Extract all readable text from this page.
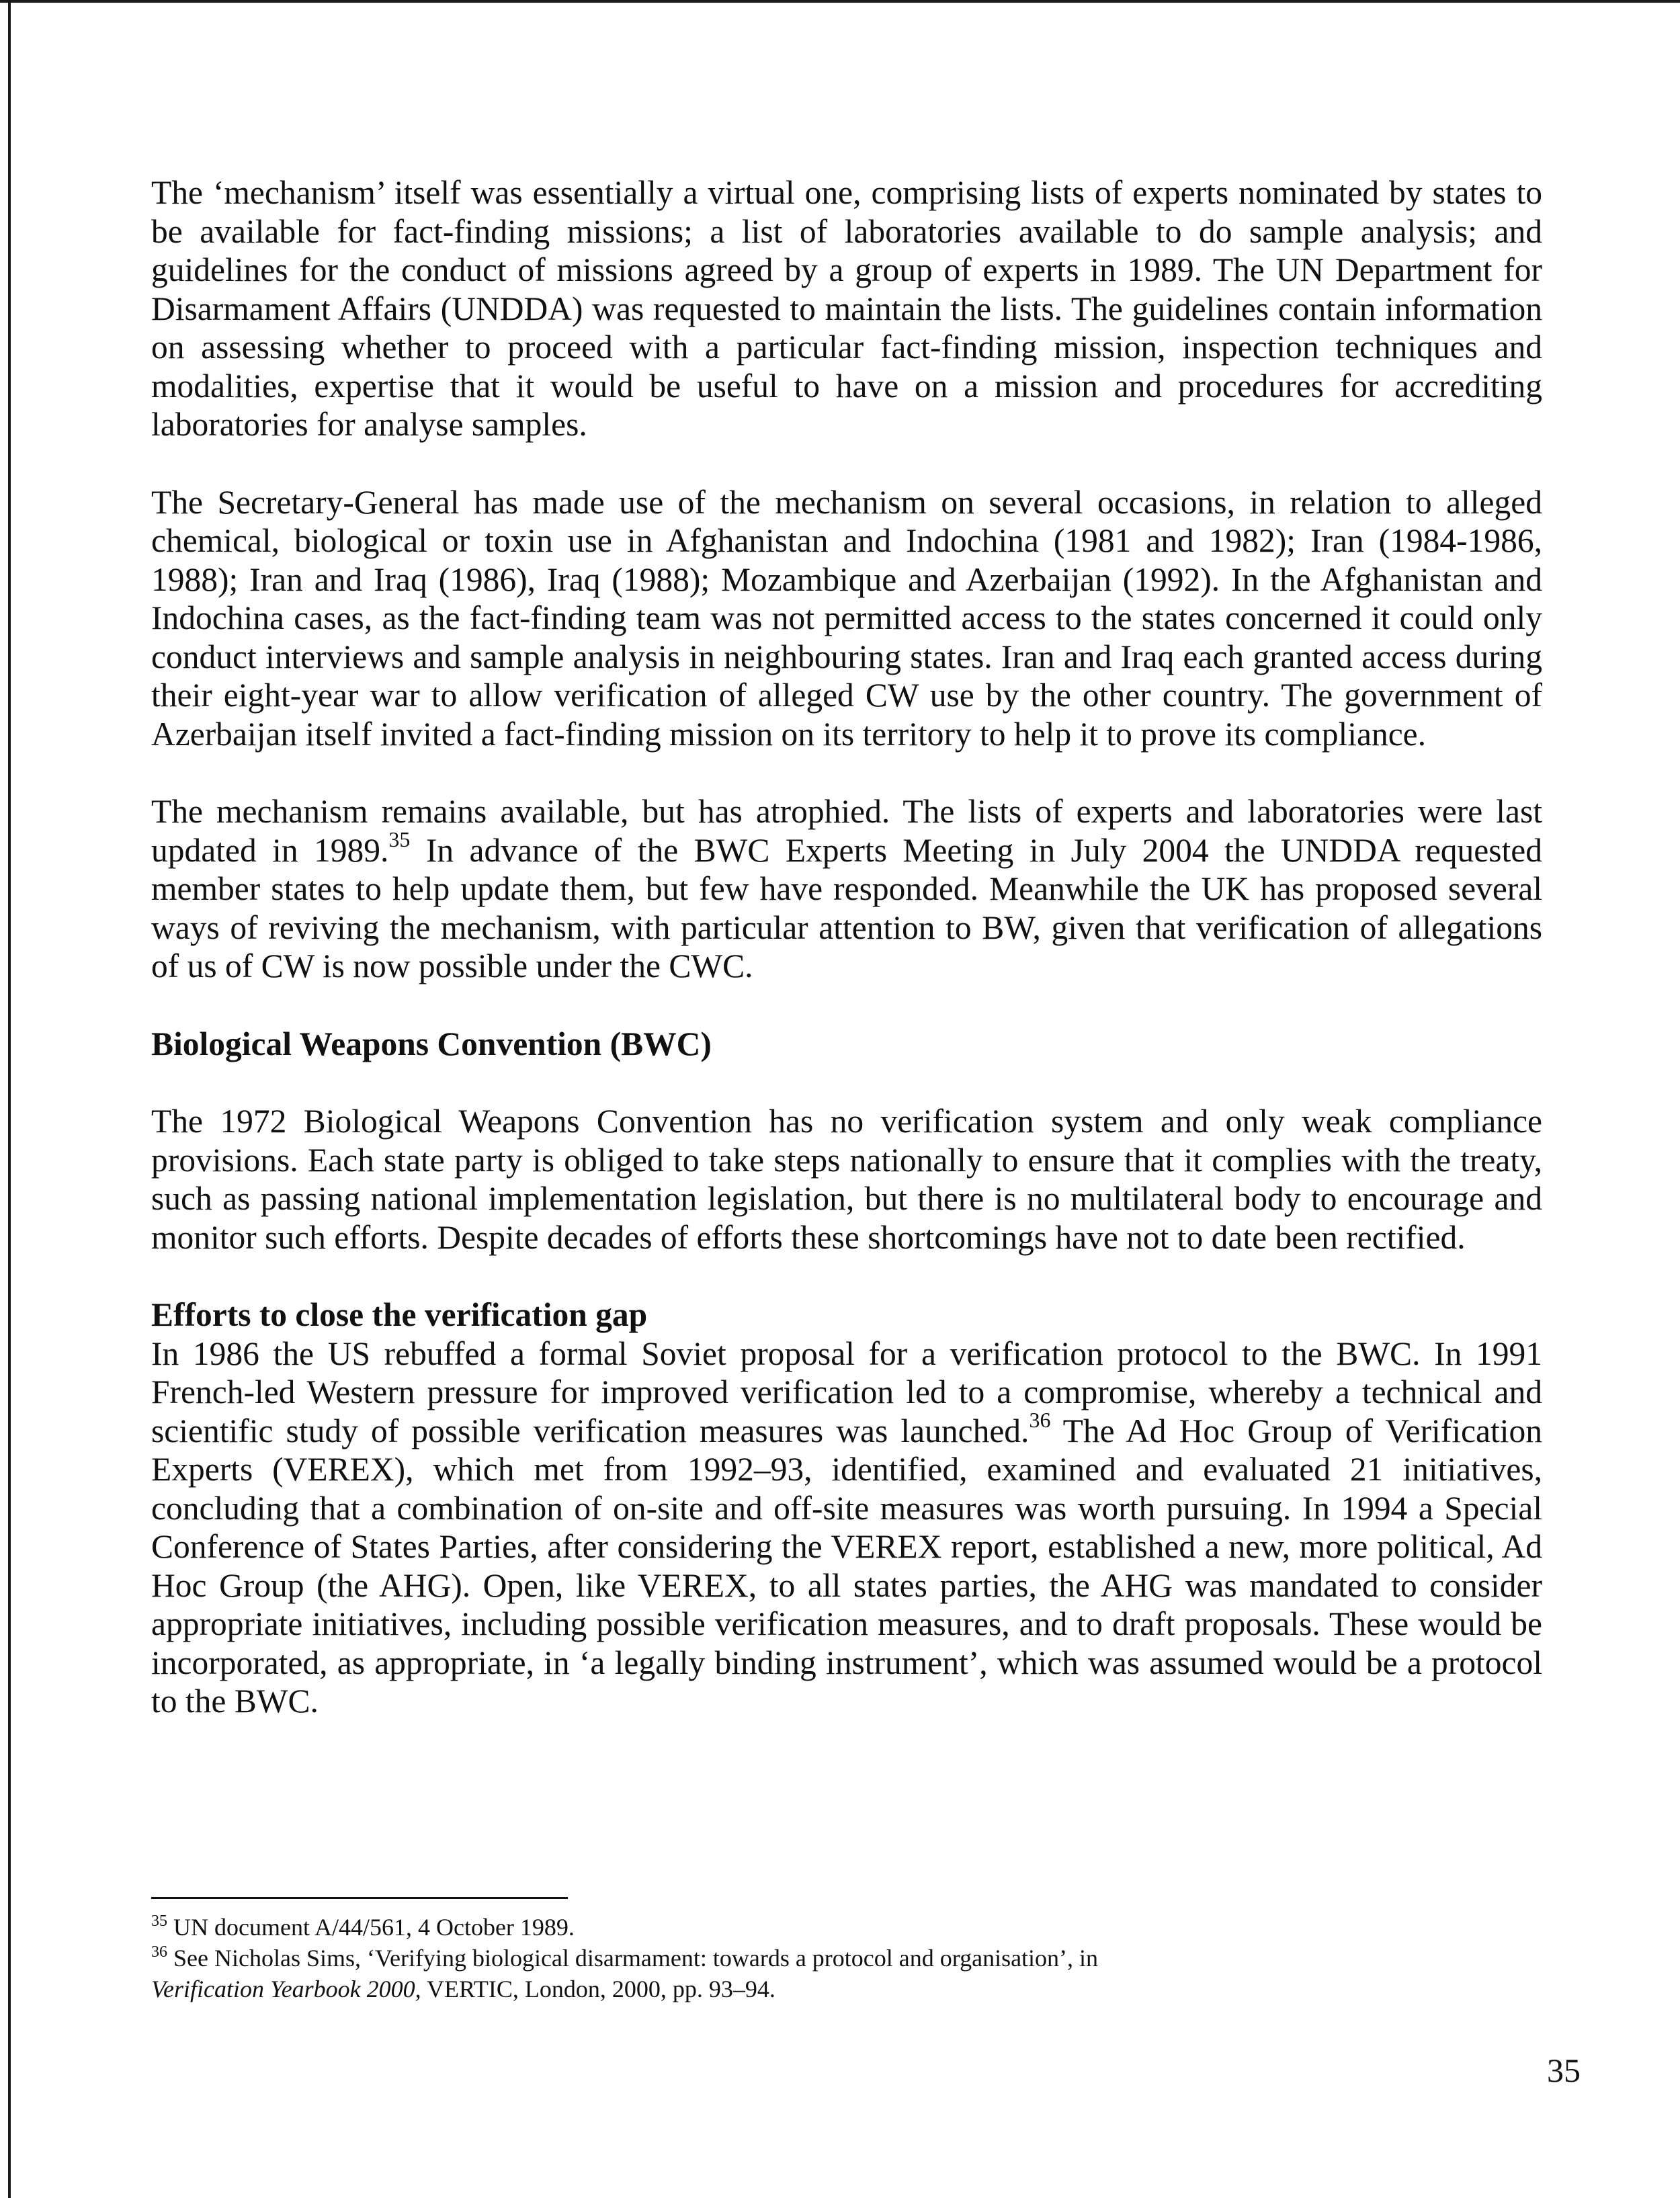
The ‘mechanism’ itself was essentially a virtual one, comprising lists of experts nominated by states to be available for fact-finding missions; a list of laboratories available to do sample analysis; and guidelines for the conduct of missions agreed by a group of experts in 1989. The UN Department for Disarmament Affairs (UNDDA) was requested to maintain the lists. The guidelines contain information on assessing whether to proceed with a particular fact-finding mission, inspection techniques and modalities, expertise that it would be useful to have on a mission and procedures for accrediting laboratories for analyse samples.

The Secretary-General has made use of the mechanism on several occasions, in relation to alleged chemical, biological or toxin use in Afghanistan and Indochina (1981 and 1982); Iran (1984-1986, 1988); Iran and Iraq (1986), Iraq (1988); Mozambique and Azerbaijan (1992). In the Afghanistan and Indochina cases, as the fact-finding team was not permitted access to the states concerned it could only conduct interviews and sample analysis in neighbouring states. Iran and Iraq each granted access during their eight-year war to allow verification of alleged CW use by the other country. The government of Azerbaijan itself invited a fact-finding mission on its territory to help it to prove its compliance.

The mechanism remains available, but has atrophied. The lists of experts and laboratories were last updated in 1989.35 In advance of the BWC Experts Meeting in July 2004 the UNDDA requested member states to help update them, but few have responded. Meanwhile the UK has proposed several ways of reviving the mechanism, with particular attention to BW, given that verification of allegations of us of CW is now possible under the CWC.

Biological Weapons Convention (BWC)

The 1972 Biological Weapons Convention has no verification system and only weak compliance provisions. Each state party is obliged to take steps nationally to ensure that it complies with the treaty, such as passing national implementation legislation, but there is no multilateral body to encourage and monitor such efforts. Despite decades of efforts these shortcomings have not to date been rectified.

Efforts to close the verification gap

In 1986 the US rebuffed a formal Soviet proposal for a verification protocol to the BWC. In 1991 French-led Western pressure for improved verification led to a compromise, whereby a technical and scientific study of possible verification measures was launched.$^{36}$ The Ad Hoc Group of Verification Experts (VEREX), which met from 1992–93, identified, examined and evaluated 21 initiatives, concluding that a combination of on-site and off-site measures was worth pursuing. In 1994 a Special Conference of States Parties, after considering the VEREX report, established a new, more political, Ad Hoc Group (the AHG). Open, like VEREX, to all states parties, the AHG was mandated to consider appropriate initiatives, including possible verification measures, and to draft proposals. These would be incorporated, as appropriate, in ‘a legally binding instrument’, which was assumed would be a protocol to the BWC.

$^{35}$ UN document A/44/561, 4 October 1989.
$^{36}$ See Nicholas Sims, ‘Verifying biological disarmament: towards a protocol and organisation’, in
Verification Yearbook 2000, VERTIC, London, 2000, pp. 93–94.
35
